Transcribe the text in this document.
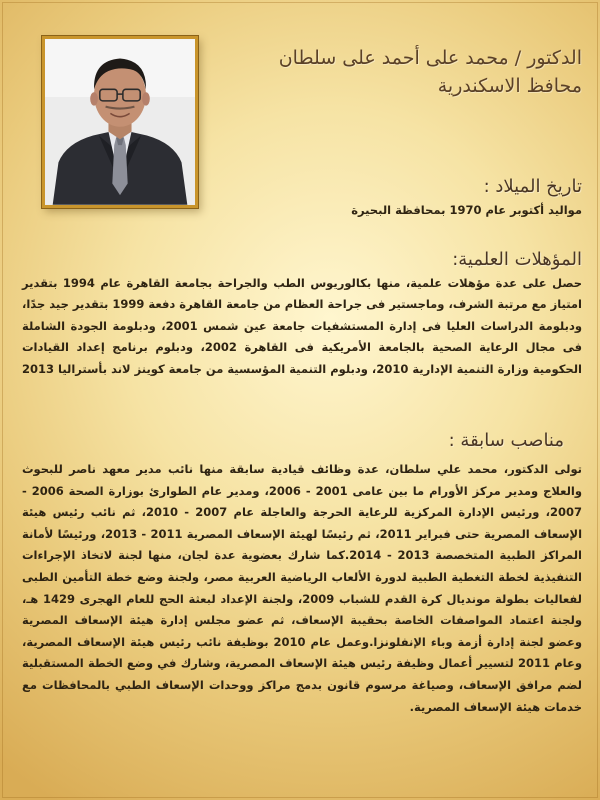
الدكتور / محمد على أحمد على سلطان
محافظ الاسكندرية
تاريخ الميلاد :
مواليد أكتوبر عام 1970 بمحافظة البحيرة
المؤهلات العلمية:
حصل على عدة مؤهلات علمية، منها بكالوريوس الطب والجراحة بجامعة القاهرة عام 1994 بتقدير امتياز مع مرتبة الشرف، وماجستير فى جراحة العظام من جامعة القاهرة دفعة 1999 بتقدير جيد جدًا، ودبلومة الدراسات العليا فى إدارة المستشفيات جامعة عين شمس 2001، ودبلومة الجودة الشاملة فى مجال الرعاية الصحية بالجامعة الأمريكية فى القاهرة 2002، ودبلوم برنامج إعداد القيادات الحكومية وزارة التنمية الإدارية 2010، ودبلوم التنمية المؤسسية من جامعة كوينز لاند بأستراليا 2013
مناصب سابقة :
تولى الدكتور، محمد علي سلطان، عدة وظائف قيادية سابقة منها نائب مدير معهد ناصر للبحوث والعلاج ومدير مركز الأورام ما بين عامى 2001 - 2006، ومدير عام الطوارئ بوزارة الصحة 2006 - 2007، ورئيس الإدارة المركزية للرعاية الحرجة والعاجلة عام 2007 - 2010، ثم نائب رئيس هيئة الإسعاف المصرية حتى فبراير 2011، ثم رئيسًا لهيئة الإسعاف المصرية 2011 - 2013، ورئيسًا لأمانة المراكز الطبية المتخصصة 2013 - 2014.كما شارك بعضوية عدة لجان، منها لجنة لاتخاذ الإجراءات التنفيذية لخطة التغطية الطبية لدورة الألعاب الرياضية العربية مصر، ولجنة وضع خطة التأمين الطبى لفعاليات بطولة مونديال كرة القدم للشباب 2009، ولجنة الإعداد لبعثة الحج للعام الهجرى 1429 هـ، ولجنة اعتماد المواصفات الخاصة بحقيبة الإسعاف، ثم عضو مجلس إدارة هيئة الإسعاف المصرية وعضو لجنة إدارة أزمة وباء الإنفلونزا.وعمل عام 2010 بوظيفة نائب رئيس هيئة الإسعاف المصرية، وعام 2011 لتسيير أعمال وظيفة رئيس هيئة الإسعاف المصرية، وشارك في وضع الخطة المستقبلية لضم مرافق الإسعاف، وصياغة مرسوم قانون بدمج مراكز ووحدات الإسعاف الطبي بالمحافظات مع خدمات هيئة الإسعاف المصرية.
